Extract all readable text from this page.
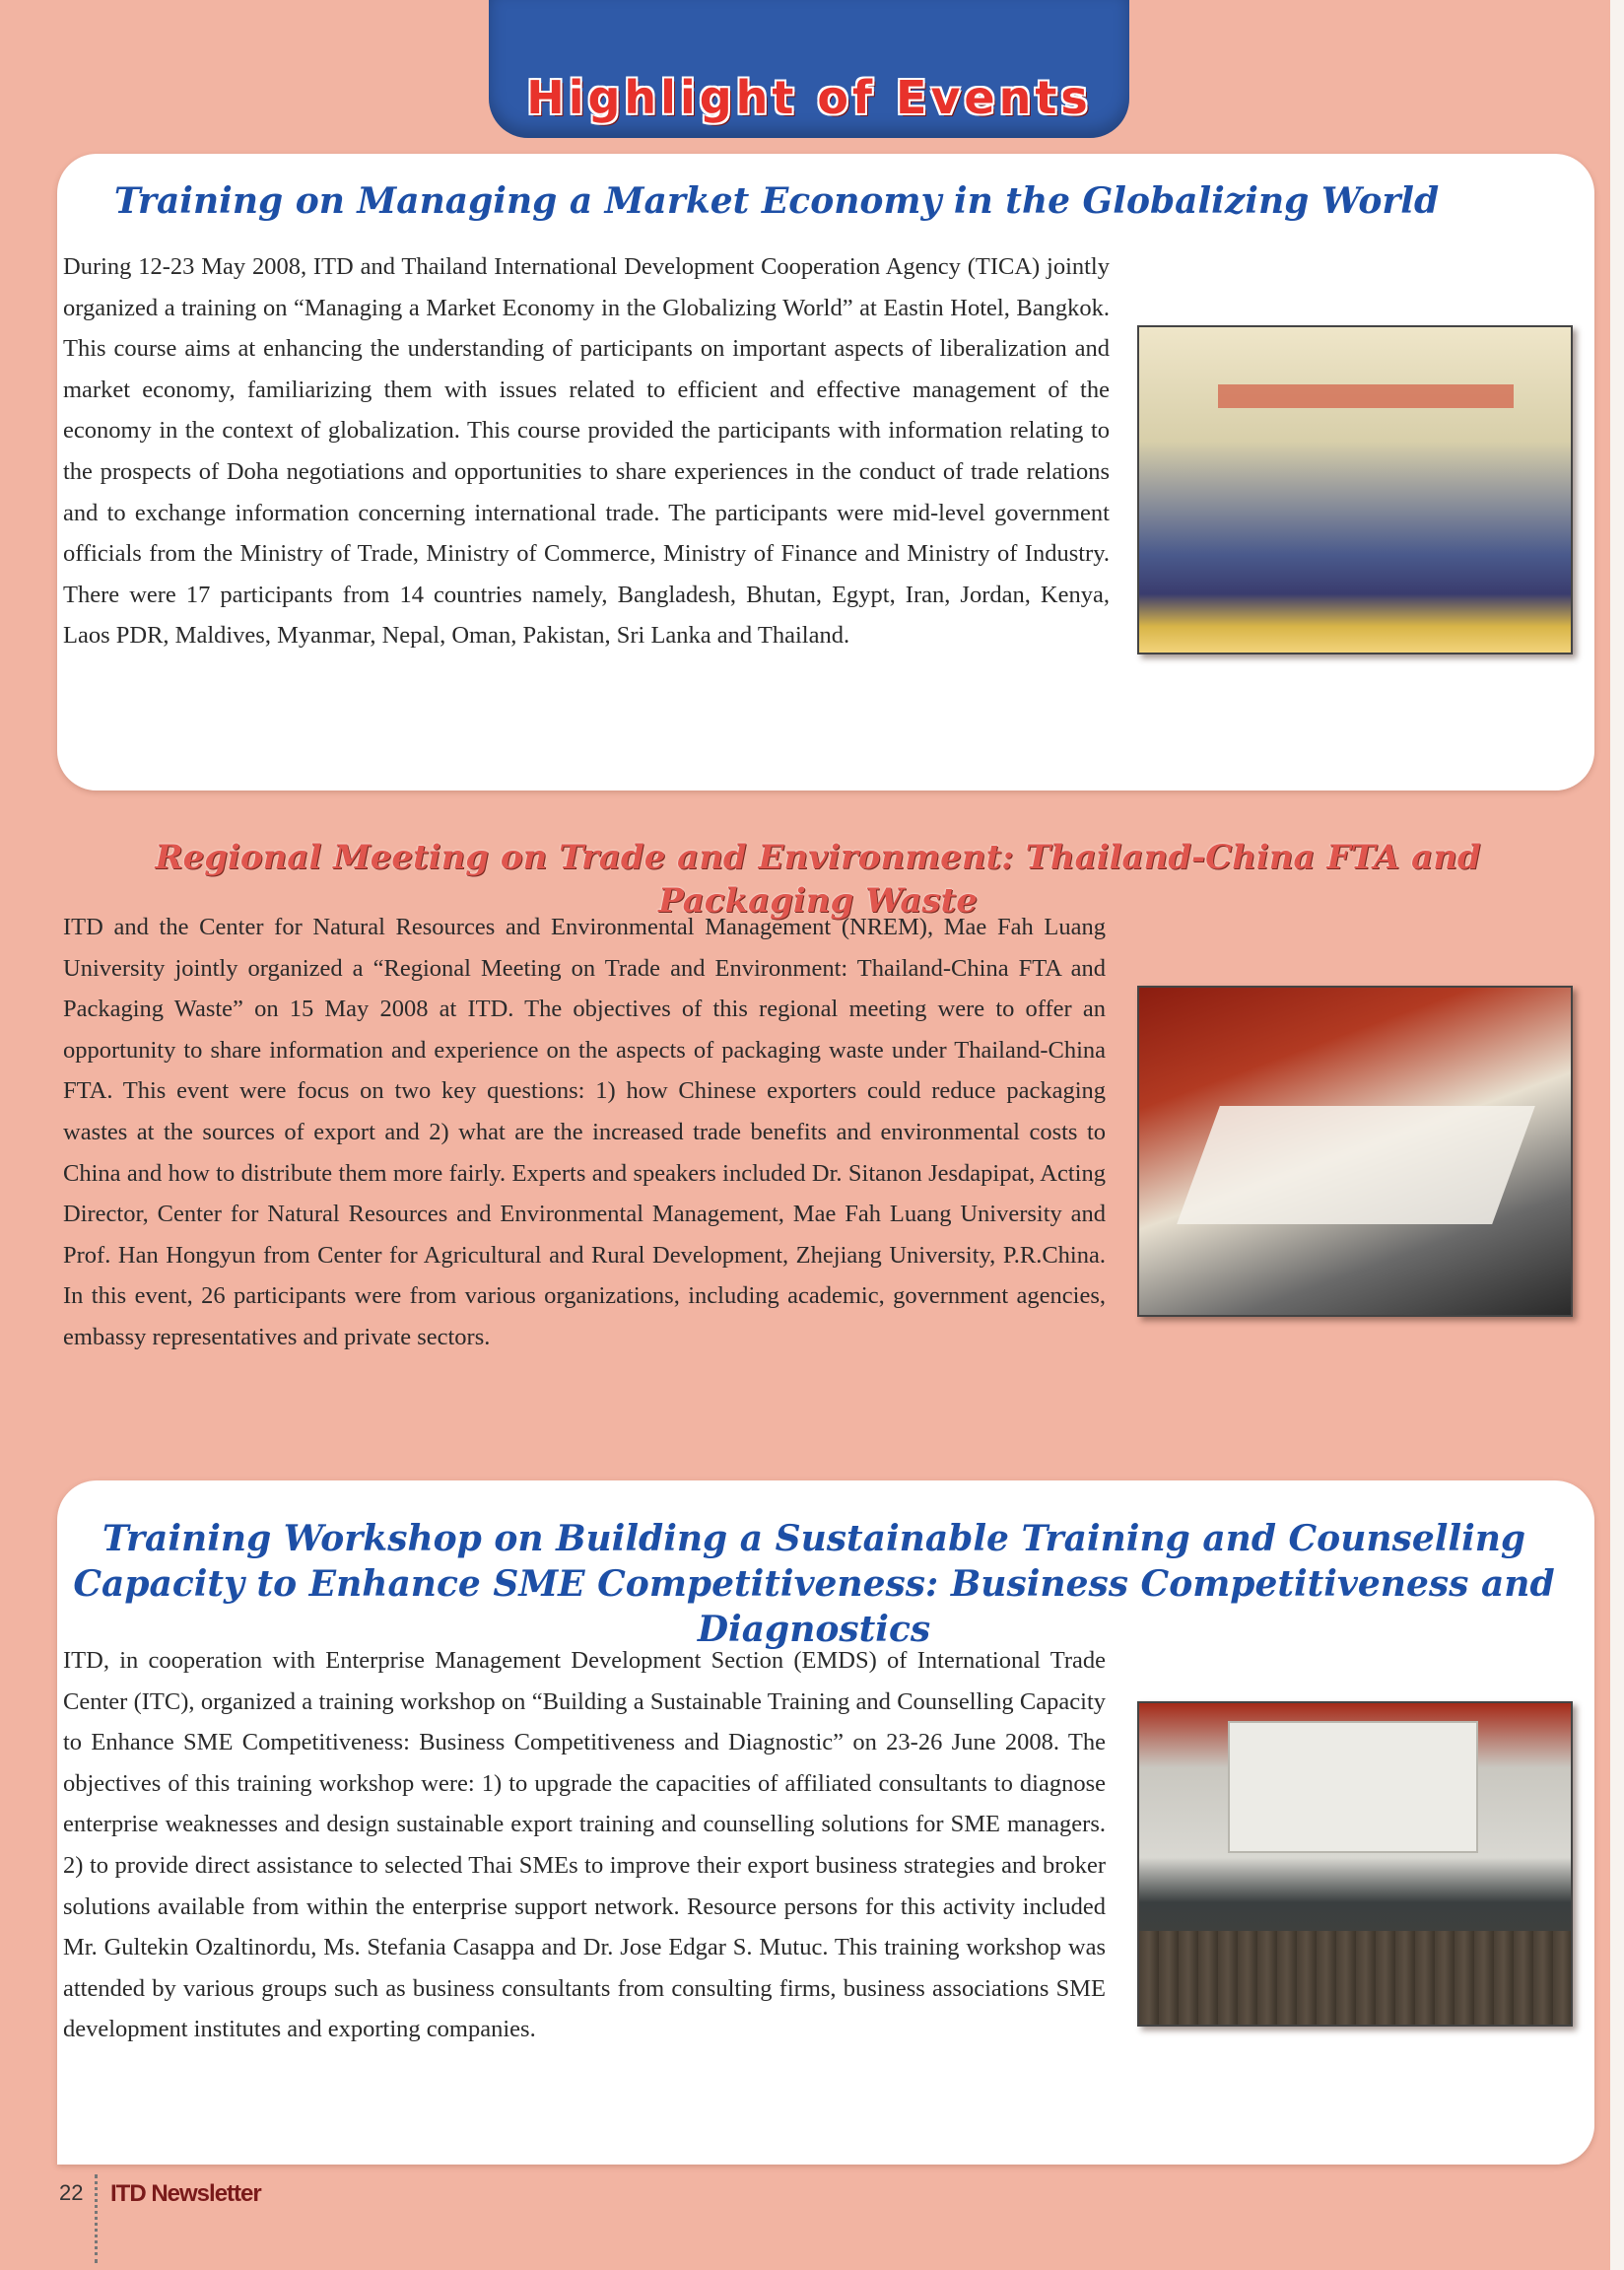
Highlight of Events
Training on Managing a Market Economy in the Globalizing World
During 12-23 May 2008, ITD and Thailand International Development Cooperation Agency (TICA) jointly organized a training on “Managing a Market Economy in the Globalizing World” at Eastin Hotel, Bangkok. This course aims at enhancing the understanding of participants on important aspects of liberalization and market economy, familiarizing them with issues related to efficient and effective management of the economy in the context of globalization. This course provided the participants with information relating to the prospects of Doha negotiations and opportunities to share experiences in the conduct of trade relations and to exchange information concerning international trade. The participants were mid-level government officials from the Ministry of Trade, Ministry of Commerce, Ministry of Finance and Ministry of Industry. There were 17 participants from 14 countries namely, Bangladesh, Bhutan, Egypt, Iran, Jordan, Kenya, Laos PDR, Maldives, Myanmar, Nepal, Oman, Pakistan, Sri Lanka and Thailand.
Regional Meeting on Trade and Environment: Thailand-China FTA and Packaging Waste
ITD and the Center for Natural Resources and Environmental Management (NREM), Mae Fah Luang University jointly organized a “Regional Meeting on Trade and Environment: Thailand-China FTA and Packaging Waste” on 15 May 2008 at ITD. The objectives of this regional meeting were to offer an opportunity to share information and experience on the aspects of packaging waste under Thailand-China FTA. This event were focus on two key questions: 1) how Chinese exporters could reduce packaging wastes at the sources of export and 2) what are the increased trade benefits and environmental costs to China and how to distribute them more fairly. Experts and speakers included Dr. Sitanon Jesdapipat, Acting Director, Center for Natural Resources and Environmental Management, Mae Fah Luang University and Prof. Han Hongyun from Center for Agricultural and Rural Development, Zhejiang University, P.R.China. In this event, 26 participants were from various organizations, including academic, government agencies, embassy representatives and private sectors.
Training Workshop on Building a Sustainable Training and Counselling Capacity to Enhance SME Competitiveness: Business Competitiveness and Diagnostics
ITD, in cooperation with Enterprise Management Development Section (EMDS) of International Trade Center (ITC), organized a training workshop on “Building a Sustainable Training and Counselling Capacity to Enhance SME Competitiveness: Business Competitiveness and Diagnostic” on 23-26 June 2008. The objectives of this training workshop were: 1) to upgrade the capacities of affiliated consultants to diagnose enterprise weaknesses and design sustainable export training and counselling solutions for SME managers. 2) to provide direct assistance to selected Thai SMEs to improve their export business strategies and broker solutions available from within the enterprise support network. Resource persons for this activity included Mr. Gultekin Ozaltinordu, Ms. Stefania Casappa and Dr. Jose Edgar S. Mutuc. This training workshop was attended by various groups such as business consultants from consulting firms, business associations SME development institutes and exporting companies.
22 ITD Newsletter
